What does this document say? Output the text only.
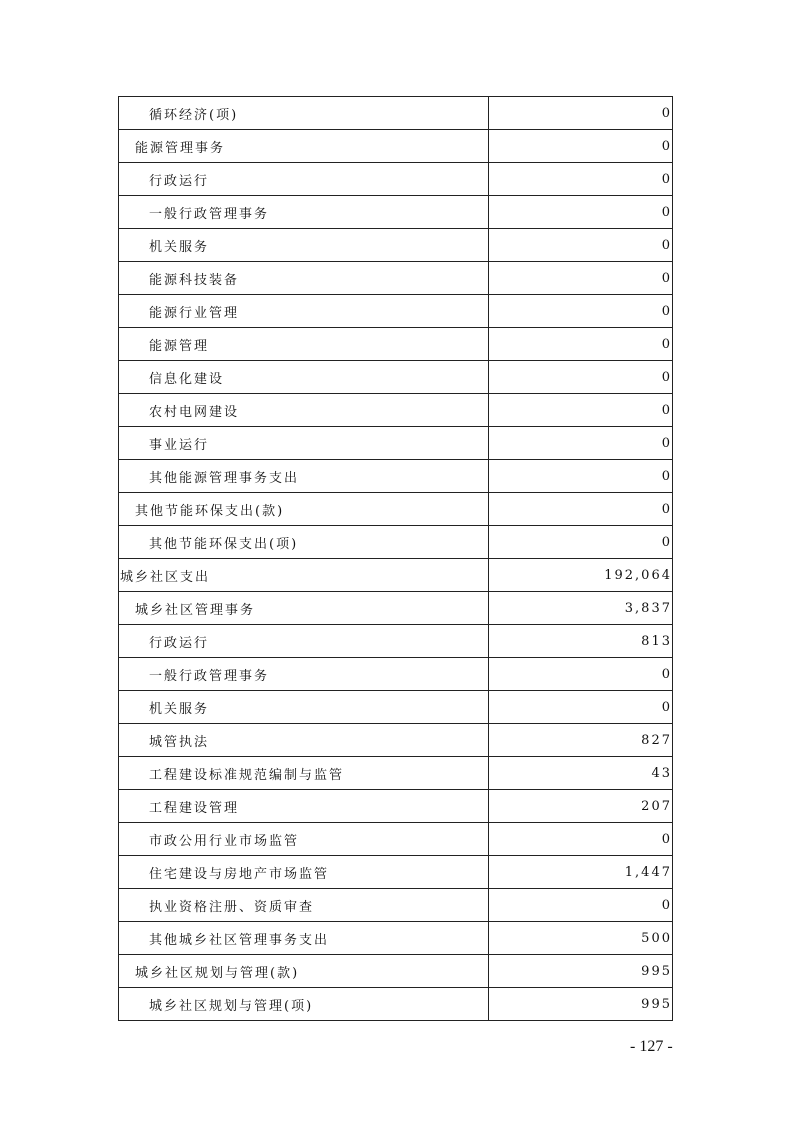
循环经济(项)	0
能源管理事务	0
行政运行	0
一般行政管理事务	0
机关服务	0
能源科技装备	0
能源行业管理	0
能源管理	0
信息化建设	0
农村电网建设	0
事业运行	0
其他能源管理事务支出	0
其他节能环保支出(款)	0
其他节能环保支出(项)	0
城乡社区支出	192,064
城乡社区管理事务	3,837
行政运行	813
一般行政管理事务	0
机关服务	0
城管执法	827
工程建设标准规范编制与监管	43
工程建设管理	207
市政公用行业市场监管	0
住宅建设与房地产市场监管	1,447
执业资格注册、资质审查	0
其他城乡社区管理事务支出	500
城乡社区规划与管理(款)	995
城乡社区规划与管理(项)	995
- 127 -
